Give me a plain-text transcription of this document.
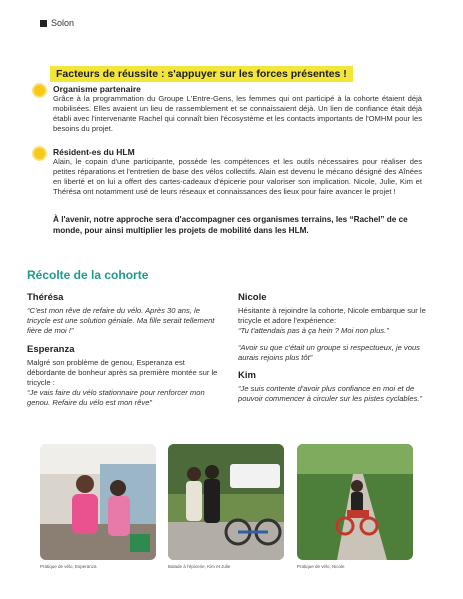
Solon
Facteurs de réussite : s'appuyer sur les forces présentes !
Organisme partenaire
Grâce à la programmation du Groupe L'Entre-Gens, les femmes qui ont participé à la cohorte étaient déjà mobilisées. Elles avaient un lieu de rassemblement et se connaissaient déjà. Un lien de confiance était déjà établi avec l'intervenante Rachel qui connaît bien l'écosystème et les contacts importants de l'OMHM pour les besoins du projet.
Résident-es du HLM
Alain, le copain d'une participante, possède les compétences et les outils nécessaires pour réaliser des petites réparations et l'entretien de base des vélos collectifs. Alain est devenu le mécano désigné des Aînées en liberté et on lui a offert des cartes-cadeaux d'épicerie pour valoriser son implication. Nicole, Julie, Kim et Thérésa ont notamment usé de leurs réseaux et connaissances des lieux pour faire avancer le projet !
À l'avenir, notre approche sera d'accompagner ces organismes terrains, les “Rachel” de ce monde, pour ainsi multiplier les projets de mobilité dans les HLM.
Récolte de la cohorte
Thérésa
“C'est mon rêve de refaire du vélo. Après 30 ans, le tricycle est une solution géniale. Ma fille serait tellement fière de moi !”
Esperanza
Malgré son problème de genou, Esperanza est débordante de bonheur après sa première montée sur le tricycle :
“Je vais faire du vélo stationnaire pour renforcer mon genou. Refaire du vélo est mon rêve”
Nicole
Hésitante à rejoindre la cohorte, Nicole embarque sur le tricycle et adore l'expérience:
“Tu t'attendais pas à ça hein ? Moi non plus.”
“Avoir su que c'était un groupe si respectueux, je vous aurais rejoins plus tôt”
Kim
“Je suis contente d'avoir plus confiance en moi et de pouvoir commencer à circuler sur les pistes cyclables.”
Pratique de vélo, Esperanza	Balade à l'épicerie, Kim et Julie	Pratique de vélo, Nicole
